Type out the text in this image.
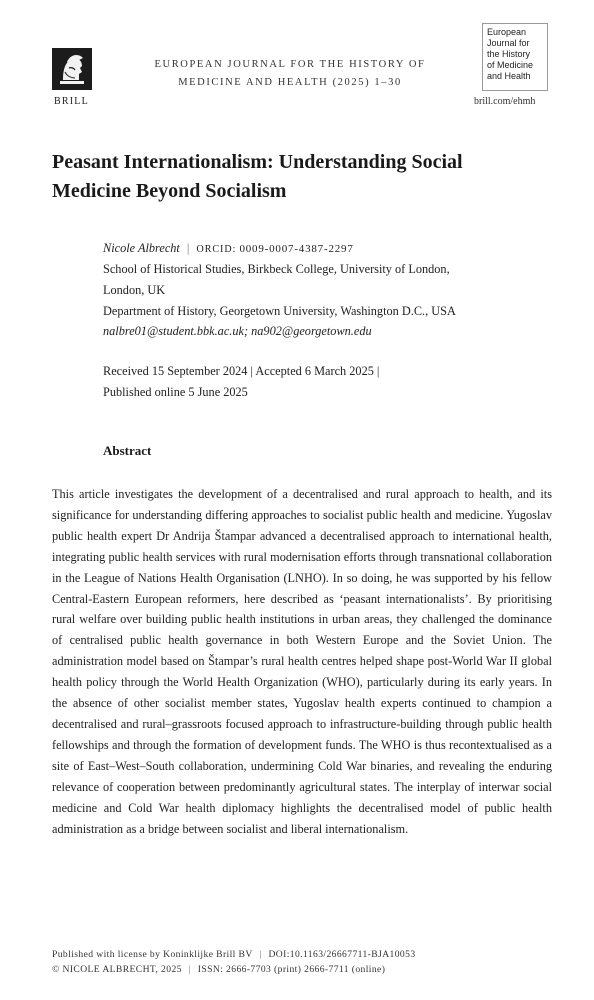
BRILL
EUROPEAN JOURNAL FOR THE HISTORY OF
MEDICINE AND HEALTH (2025) 1–30
European
Journal for
the History
of Medicine
and Health
brill.com/ehmh
Peasant Internationalism: Understanding Social
Medicine Beyond Socialism
Nicole Albrecht | ORCID: 0009-0007-4387-2297
School of Historical Studies, Birkbeck College, University of London,
London, UK
Department of History, Georgetown University, Washington D.C., USA
nalbre01@student.bbk.ac.uk; na902@georgetown.edu
Received 15 September 2024 | Accepted 6 March 2025 |
Published online 5 June 2025
Abstract
This article investigates the development of a decentralised and rural approach to health, and its significance for understanding differing approaches to socialist public health and medicine. Yugoslav public health expert Dr Andrija Štampar advanced a decentralised approach to international health, integrating public health services with rural modernisation efforts through transnational collaboration in the League of Nations Health Organisation (LNHO). In so doing, he was supported by his fellow Central-Eastern European reformers, here described as ‘peasant internationalists’. By prioritising rural welfare over building public health institutions in urban areas, they challenged the dominance of centralised public health governance in both Western Europe and the Soviet Union. The administration model based on Štampar’s rural health centres helped shape post-World War II global health policy through the World Health Organization (WHO), particularly during its early years. In the absence of other socialist member states, Yugoslav health experts continued to champion a decentralised and rural–grassroots focused approach to infrastructure-building through public health fellowships and through the formation of development funds. The WHO is thus recontextualised as a site of East–West–South collaboration, undermining Cold War binaries, and revealing the enduring relevance of cooperation between predominantly agricultural states. The interplay of interwar social medicine and Cold War health diplomacy highlights the decentralised model of public health administration as a bridge between socialist and liberal internationalism.
Published with license by Koninklijke Brill BV | DOI:10.1163/26667711-BJA10053
© NICOLE ALBRECHT, 2025 | ISSN: 2666-7703 (print) 2666-7711 (online)
